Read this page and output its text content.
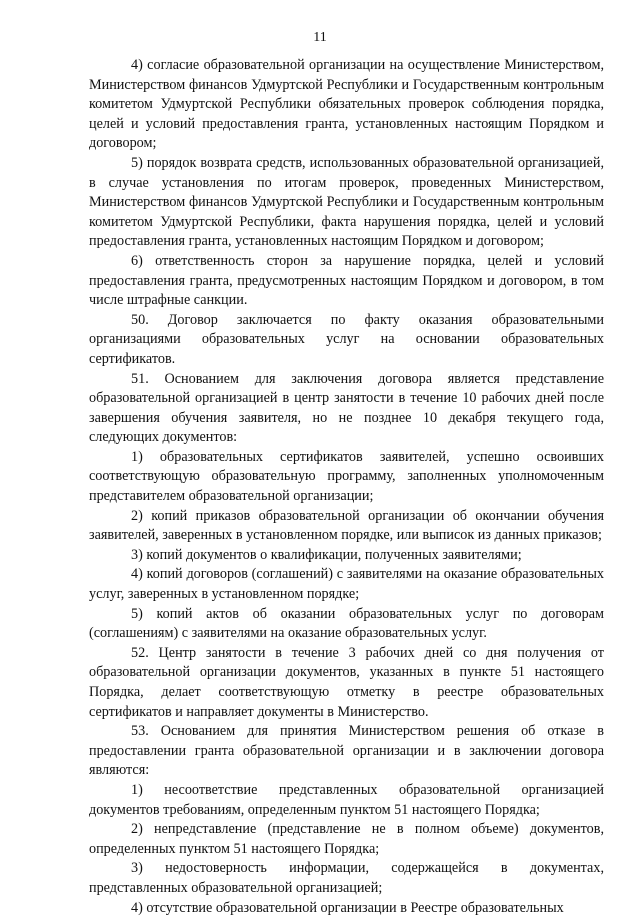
11

4) согласие образовательной организации на осуществление Министерством, Министерством финансов Удмуртской Республики и Государственным контрольным комитетом Удмуртской Республики обязательных проверок соблюдения порядка, целей и условий предоставления гранта, установленных настоящим Порядком и договором;

5) порядок возврата средств, использованных образовательной организацией, в случае установления по итогам проверок, проведенных Министерством, Министерством финансов Удмуртской Республики и Государственным контрольным комитетом Удмуртской Республики, факта нарушения порядка, целей и условий предоставления гранта, установленных настоящим Порядком и договором;

6) ответственность сторон за нарушение порядка, целей и условий предоставления гранта, предусмотренных настоящим Порядком и договором, в том числе штрафные санкции.

50. Договор заключается по факту оказания образовательными организациями образовательных услуг на основании образовательных сертификатов.

51. Основанием для заключения договора является представление образовательной организацией в центр занятости в течение 10 рабочих дней после завершения обучения заявителя, но не позднее 10 декабря текущего года, следующих документов:

1) образовательных сертификатов заявителей, успешно освоивших соответствующую образовательную программу, заполненных уполномоченным представителем образовательной организации;

2) копий приказов образовательной организации об окончании обучения заявителей, заверенных в установленном порядке, или выписок из данных приказов;

3) копий документов о квалификации, полученных заявителями;

4) копий договоров (соглашений) с заявителями на оказание образовательных услуг, заверенных в установленном порядке;

5) копий актов об оказании образовательных услуг по договорам (соглашениям) с заявителями на оказание образовательных услуг.

52. Центр занятости в течение 3 рабочих дней со дня получения от образовательной организации документов, указанных в пункте 51 настоящего Порядка, делает соответствующую отметку в реестре образовательных сертификатов и направляет документы в Министерство.

53. Основанием для принятия Министерством решения об отказе в предоставлении гранта образовательной организации и в заключении договора являются:

1) несоответствие представленных образовательной организацией документов требованиям, определенным пунктом 51 настоящего Порядка;

2) непредставление (представление не в полном объеме) документов, определенных пунктом 51 настоящего Порядка;

3) недостоверность информации, содержащейся в документах, представленных образовательной организацией;

4) отсутствие образовательной организации в Реестре образовательных
